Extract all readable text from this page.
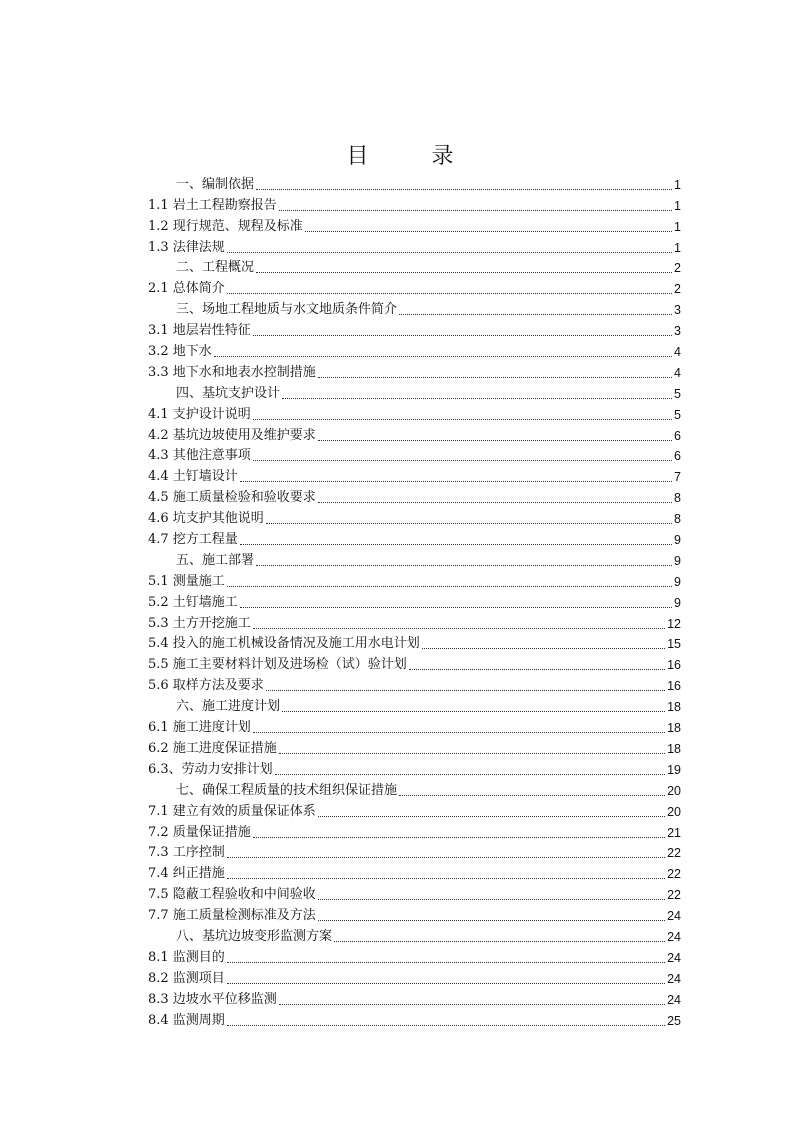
目 录
一、编制依据	1
1.1 岩土工程勘察报告	1
1.2 现行规范、规程及标准	1
1.3 法律法规	1
二、工程概况	2
2.1 总体简介	2
三、场地工程地质与水文地质条件简介	3
3.1 地层岩性特征	3
3.2 地下水	4
3.3 地下水和地表水控制措施	4
四、基坑支护设计	5
4.1 支护设计说明	5
4.2 基坑边坡使用及维护要求	6
4.3 其他注意事项	6
4.4 土钉墙设计	7
4.5 施工质量检验和验收要求	8
4.6 坑支护其他说明	8
4.7 挖方工程量	9
五、施工部署	9
5.1 测量施工	9
5.2 土钉墙施工	9
5.3 土方开挖施工	12
5.4 投入的施工机械设备情况及施工用水电计划	15
5.5 施工主要材料计划及进场检（试）验计划	16
5.6 取样方法及要求	16
六、施工进度计划	18
6.1 施工进度计划	18
6.2 施工进度保证措施	18
6.3、劳动力安排计划	19
七、确保工程质量的技术组织保证措施	20
7.1 建立有效的质量保证体系	20
7.2 质量保证措施	21
7.3 工序控制	22
7.4 纠正措施	22
7.5 隐蔽工程验收和中间验收	22
7.7 施工质量检测标准及方法	24
八、基坑边坡变形监测方案	24
8.1 监测目的	24
8.2 监测项目	24
8.3 边坡水平位移监测	24
8.4 监测周期	25
